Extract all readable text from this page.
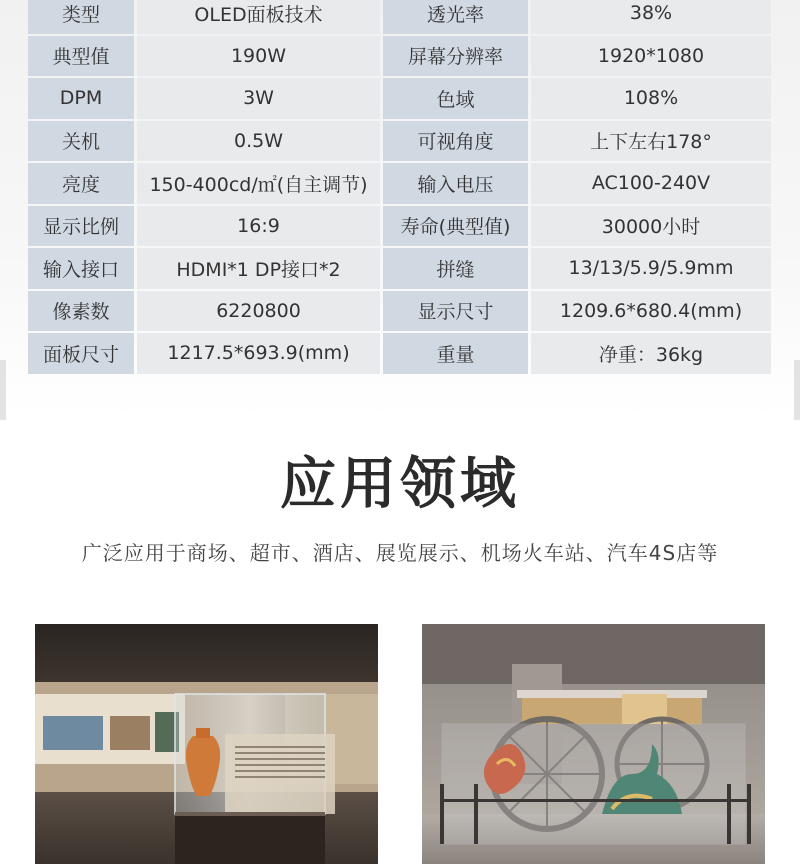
类型	OLED面板技术	透光率	38%
典型值	190W	屏幕分辨率	1920*1080
DPM	3W	色域	108%
关机	0.5W	可视角度	上下左右178°
亮度	150-400cd/㎡(自主调节)	输入电压	AC100-240V
显示比例	16:9	寿命(典型值)	30000小时
输入接口	HDMI*1 DP接口*2	拼缝	13/13/5.9/5.9mm
像素数	6220800	显示尺寸	1209.6*680.4(mm)
面板尺寸	1217.5*693.9(mm)	重量	净重：36kg
应用领域
广泛应用于商场、超市、酒店、展览展示、机场火车站、汽车4S店等
